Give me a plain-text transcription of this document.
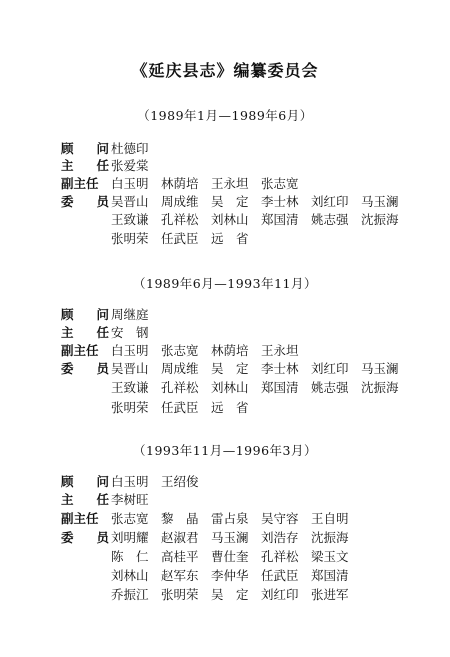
《延庆县志》编纂委员会
（1989年1月—1989年6月）
顾　问 杜德印
主　任 张爱棠
副主任 白玉明　林荫培　王永坦　张志宽
委　员 吴晋山　周成维　吴　定　李士林　刘红印　马玉澜
王致谦　孔祥松　刘林山　郑国清　姚志强　沈振海
张明荣　任武臣　远　省
（1989年6月—1993年11月）
顾　问 周继庭
主　任 安　钢
副主任 白玉明　张志宽　林荫培　王永坦
委　员 吴晋山　周成维　吴　定　李士林　刘红印　马玉澜
王致谦　孔祥松　刘林山　郑国清　姚志强　沈振海
张明荣　任武臣　远　省
（1993年11月—1996年3月）
顾　问 白玉明　王绍俊
主　任 李树旺
副主任 张志宽　黎　晶　雷占泉　吴守容　王自明
委　员 刘明耀　赵淑君　马玉澜　刘浩存　沈振海
陈　仁　高桂平　曹仕奎　孔祥松　梁玉文
刘林山　赵军东　李仲华　任武臣　郑国清
乔振江　张明荣　吴　定　刘红印　张进军
